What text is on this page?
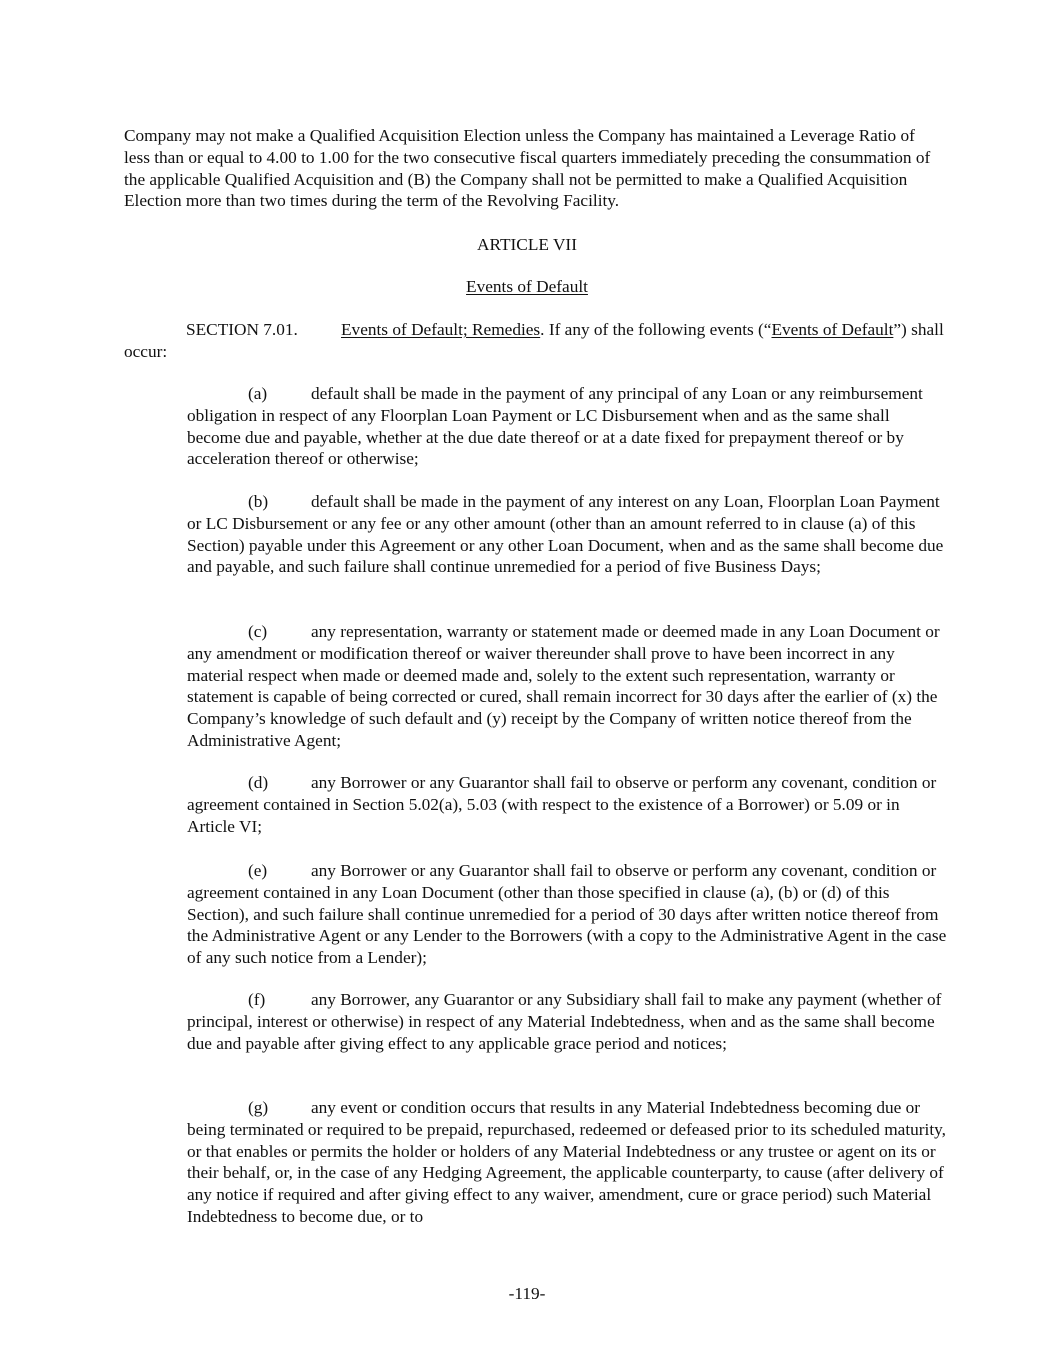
Company may not make a Qualified Acquisition Election unless the Company has maintained a Leverage Ratio of less than or equal to 4.00 to 1.00 for the two consecutive fiscal quarters immediately preceding the consummation of the applicable Qualified Acquisition and (B) the Company shall not be permitted to make a Qualified Acquisition Election more than two times during the term of the Revolving Facility.

ARTICLE VII

Events of Default

SECTION 7.01. Events of Default; Remedies. If any of the following events (“Events of Default”) shall occur:

(a)	default shall be made in the payment of any principal of any Loan or any reimbursement obligation in respect of any Floorplan Loan Payment or LC Disbursement when and as the same shall become due and payable, whether at the due date thereof or at a date fixed for prepayment thereof or by acceleration thereof or otherwise;

(b) default shall be made in the payment of any interest on any Loan, Floorplan Loan Payment or LC Disbursement or any fee or any other amount (other than an amount referred to in clause (a) of this Section) payable under this Agreement or any other Loan Document, when and as the same shall become due and payable, and such failure shall continue unremedied for a period of five Business Days;

(c)	any representation, warranty or statement made or deemed made in any Loan Document or any amendment or modification thereof or waiver thereunder shall prove to have been incorrect in any material respect when made or deemed made and, solely to the extent such representation, warranty or statement is capable of being corrected or cured, shall remain incorrect for 30 days after the earlier of (x) the Company’s knowledge of such default and (y) receipt by the Company of written notice thereof from the Administrative Agent;

(d) any Borrower or any Guarantor shall fail to observe or perform any covenant, condition or agreement contained in Section 5.02(a), 5.03 (with respect to the existence of a Borrower) or 5.09 or in Article VI;

(e)	any Borrower or any Guarantor shall fail to observe or perform any covenant, condition or agreement contained in any Loan Document (other than those specified in clause (a), (b) or (d) of this Section), and such failure shall continue unremedied for a period of 30 days after written notice thereof from the Administrative Agent or any Lender to the Borrowers (with a copy to the Administrative Agent in the case of any such notice from a Lender);

(f)	any Borrower, any Guarantor or any Subsidiary shall fail to make any payment (whether of principal, interest or otherwise) in respect of any Material Indebtedness, when and as the same shall become due and payable after giving effect to any applicable grace period and notices;

(g) any event or condition occurs that results in any Material Indebtedness becoming due or being terminated or required to be prepaid, repurchased, redeemed or defeased prior to its scheduled maturity, or that enables or permits the holder or holders of any Material Indebtedness or any trustee or agent on its or their behalf, or, in the case of any Hedging Agreement, the applicable counterparty, to cause (after delivery of any notice if required and after giving effect to any waiver, amendment, cure or grace period) such Material Indebtedness to become due, or to

-119-
